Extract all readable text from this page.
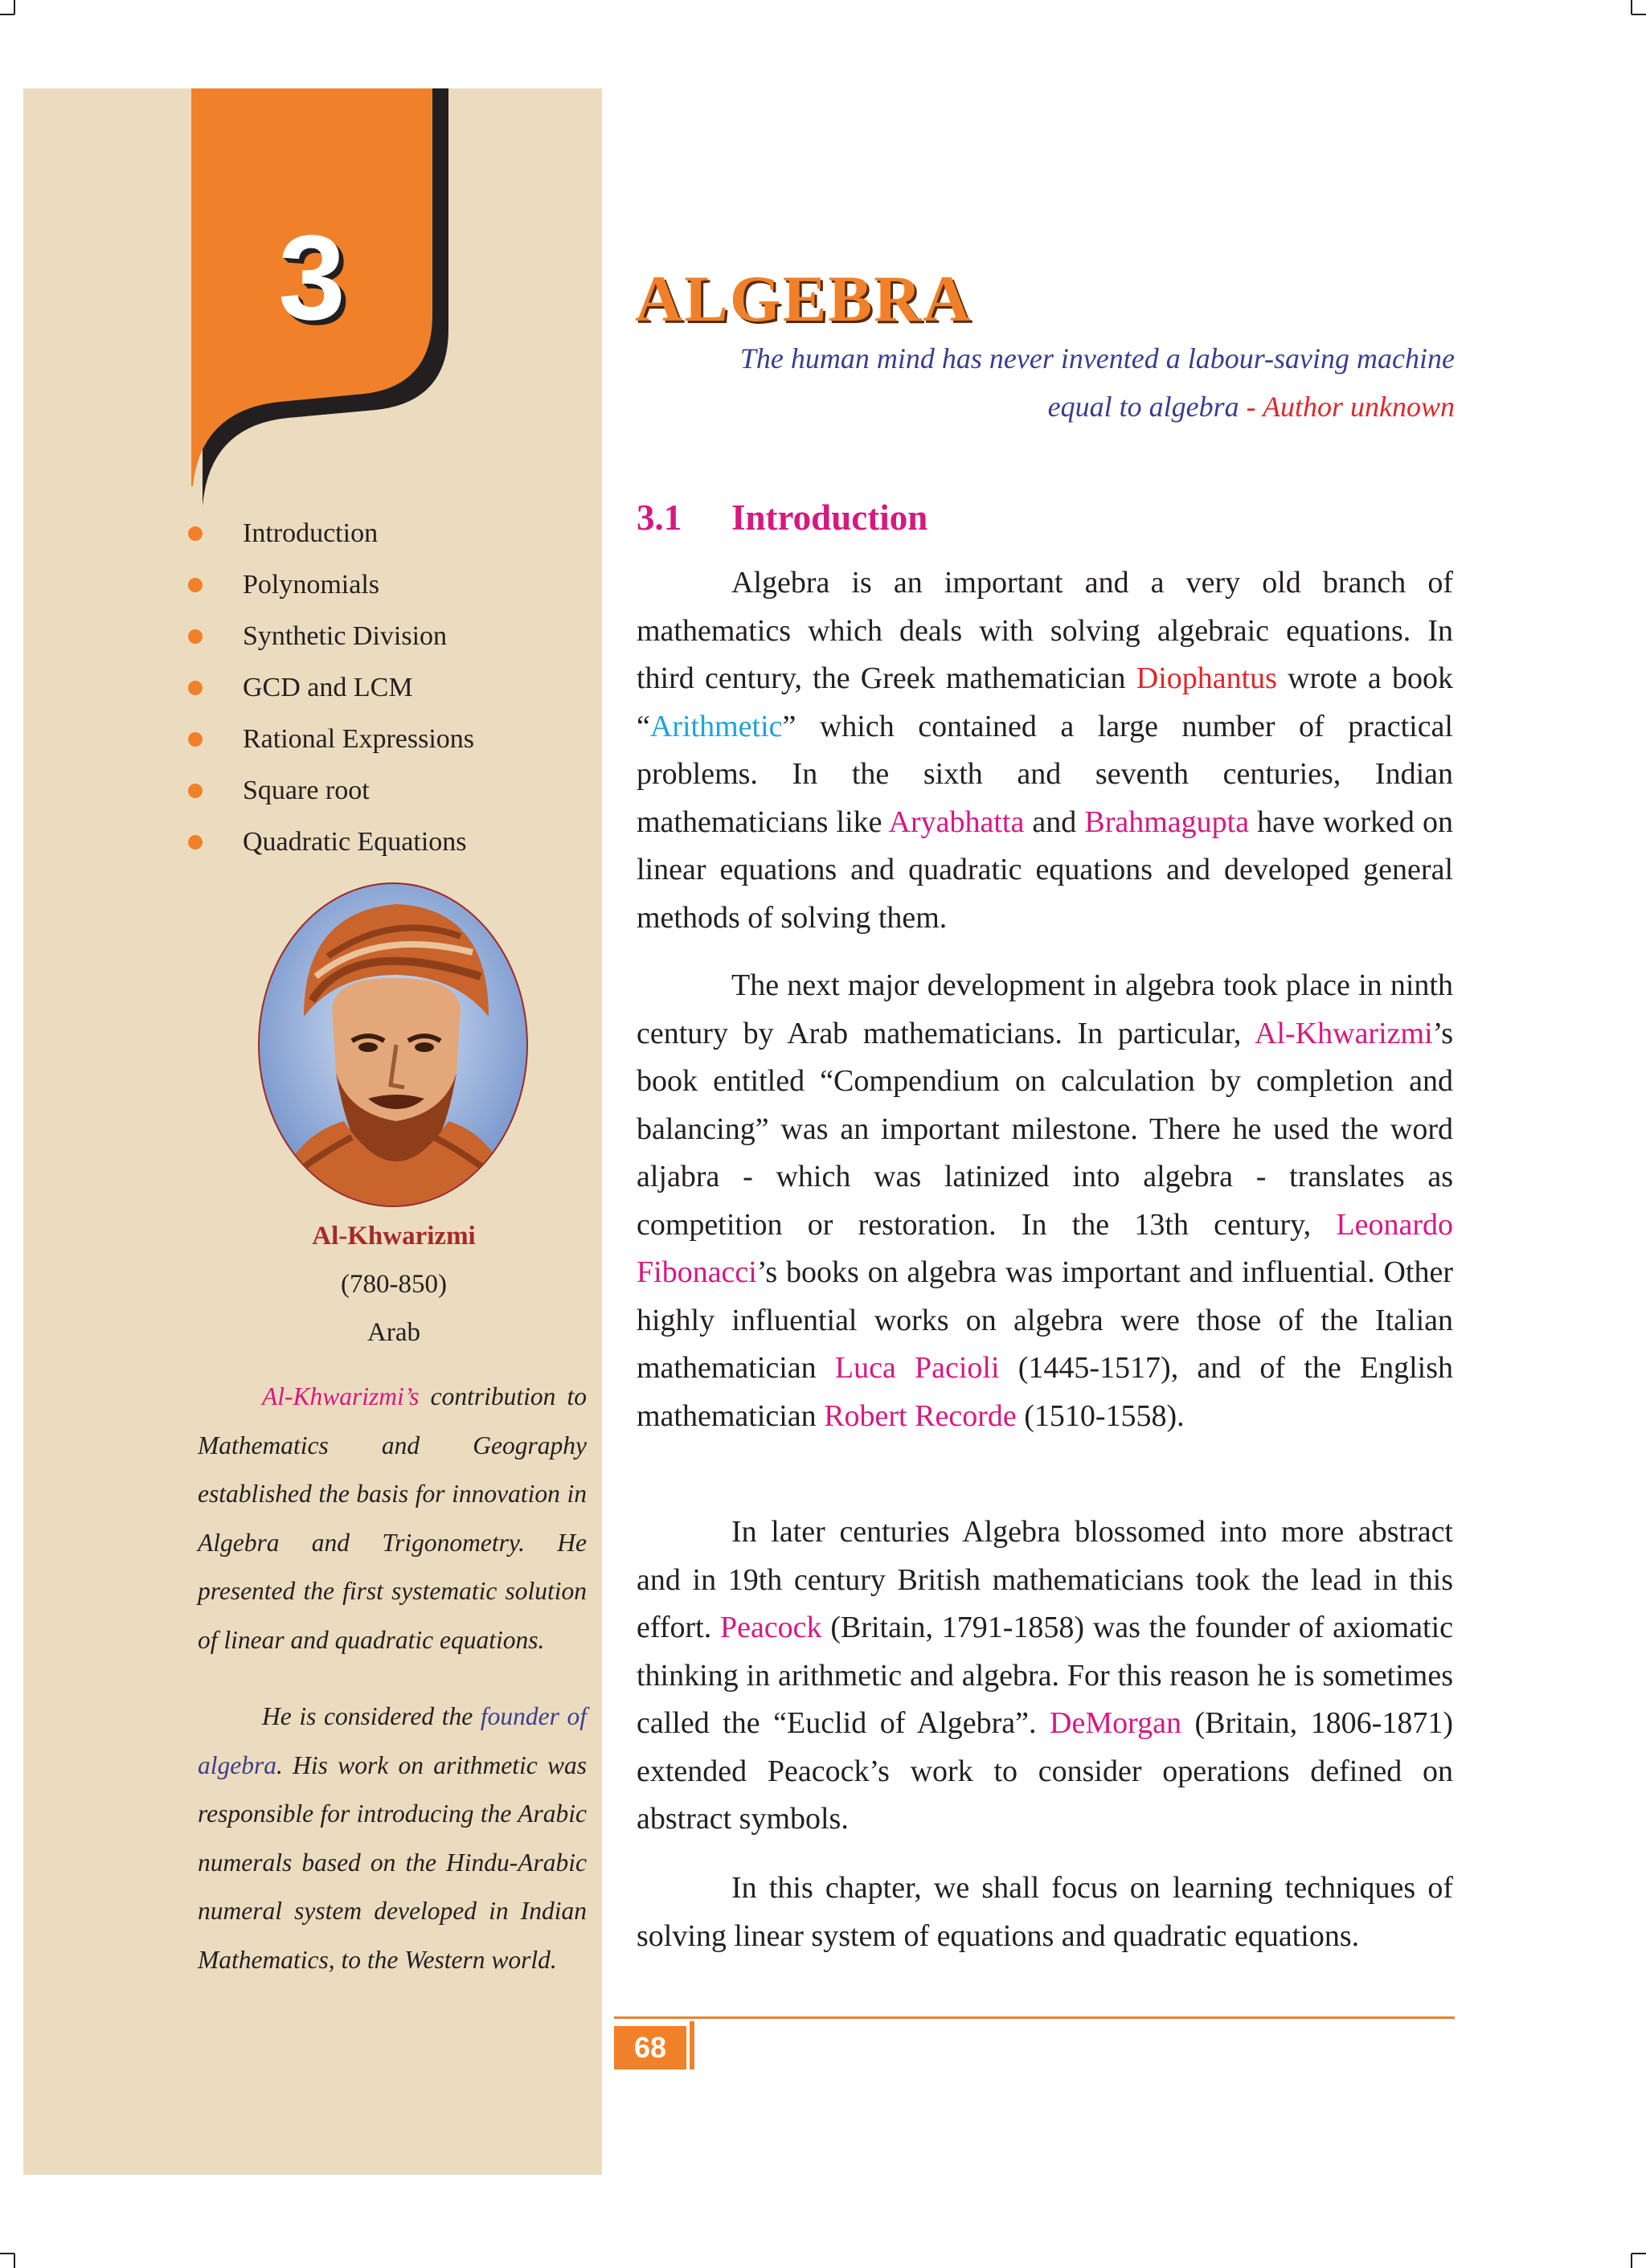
3
Introduction
Polynomials
Synthetic Division
GCD and LCM
Rational Expressions
Square root
Quadratic Equations
Al-Khwarizmi
(780-850)
Arab
Al-Khwarizmi’s contribution to Mathematics and Geography established the basis for innovation in Algebra and Trigonometry. He presented the first systematic solution of linear and quadratic equations.
He is considered the founder of algebra. His work on arithmetic was responsible for introducing the Arabic numerals based on the Hindu-Arabic numeral system developed in Indian Mathematics, to the Western world.
ALGEBRA
The human mind has never invented a labour-saving machine
equal to algebra - Author unknown
3.1 Introduction
Algebra is an important and a very old branch of mathematics which deals with solving algebraic equations. In third century, the Greek mathematician Diophantus wrote a book “Arithmetic” which contained a large number of practical problems. In the sixth and seventh centuries, Indian mathematicians like Aryabhatta and Brahmagupta have worked on linear equations and quadratic equations and developed general methods of solving them.
The next major development in algebra took place in ninth century by Arab mathematicians. In particular, Al-Khwarizmi’s book entitled “Compendium on calculation by completion and balancing” was an important milestone. There he used the word aljabra - which was latinized into algebra - translates as competition or restoration. In the 13th century, Leonardo Fibonacci’s books on algebra was important and influential. Other highly influential works on algebra were those of the Italian mathematician Luca Pacioli (1445-1517), and of the English mathematician Robert Recorde (1510-1558).
In later centuries Algebra blossomed into more abstract and in 19th century British mathematicians took the lead in this effort. Peacock (Britain, 1791-1858) was the founder of axiomatic thinking in arithmetic and algebra. For this reason he is sometimes called the “Euclid of Algebra”. DeMorgan (Britain, 1806-1871) extended Peacock’s work to consider operations defined on abstract symbols.
In this chapter, we shall focus on learning techniques of solving linear system of equations and quadratic equations.
68
